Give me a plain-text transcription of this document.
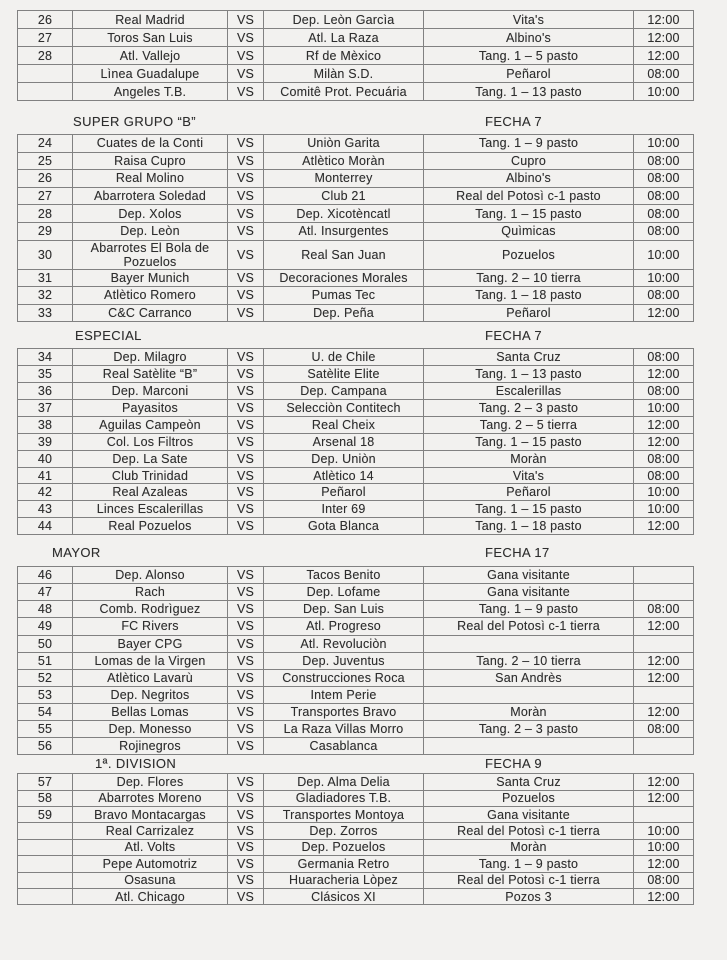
26	Real Madrid	VS	Dep. Leòn Garcìa	Vita's	12:00
27	Toros San Luis	VS	Atl. La Raza	Albino's	12:00
28	Atl. Vallejo	VS	Rf de Mèxico	Tang. 1 – 5 pasto	12:00
	Lìnea Guadalupe	VS	Milàn S.D.	Peñarol	08:00
	Angeles T.B.	VS	Comitê Prot. Pecuária	Tang. 1 – 13 pasto	10:00
SUPER GRUPO “B”	FECHA 7
24	Cuates de la Conti	VS	Uniòn Garita	Tang. 1 – 9 pasto	10:00
25	Raisa Cupro	VS	Atlètico Moràn	Cupro	08:00
26	Real Molino	VS	Monterrey	Albino's	08:00
27	Abarrotera Soledad	VS	Club 21	Real del Potosì c-1 pasto	08:00
28	Dep. Xolos	VS	Dep. Xicotèncatl	Tang. 1 – 15 pasto	08:00
29	Dep. Leòn	VS	Atl. Insurgentes	Quìmicas	08:00
30	Abarrotes El Bola de Pozuelos	VS	Real San Juan	Pozuelos	10:00
31	Bayer Munich	VS	Decoraciones Morales	Tang. 2 – 10 tierra	10:00
32	Atlètico Romero	VS	Pumas Tec	Tang. 1 – 18 pasto	08:00
33	C&C Carranco	VS	Dep. Peña	Peñarol	12:00
ESPECIAL	FECHA 7
34	Dep. Milagro	VS	U. de Chile	Santa Cruz	08:00
35	Real Satèlite “B”	VS	Satèlite Elite	Tang. 1 – 13 pasto	12:00
36	Dep. Marconi	VS	Dep. Campana	Escalerillas	08:00
37	Payasitos	VS	Selecciòn Contitech	Tang. 2 – 3 pasto	10:00
38	Aguilas Campeòn	VS	Real Cheix	Tang. 2 – 5 tierra	12:00
39	Col. Los Filtros	VS	Arsenal 18	Tang. 1 – 15 pasto	12:00
40	Dep. La Sate	VS	Dep. Uniòn	Moràn	08:00
41	Club Trinidad	VS	Atlètico 14	Vita's	08:00
42	Real Azaleas	VS	Peñarol	Peñarol	10:00
43	Linces Escalerillas	VS	Inter 69	Tang. 1 – 15 pasto	10:00
44	Real Pozuelos	VS	Gota Blanca	Tang. 1 – 18 pasto	12:00
MAYOR	FECHA 17
46	Dep. Alonso	VS	Tacos Benito	Gana visitante	
47	Rach	VS	Dep. Lofame	Gana visitante	
48	Comb. Rodrìguez	VS	Dep. San Luis	Tang. 1 – 9 pasto	08:00
49	FC Rivers	VS	Atl. Progreso	Real del Potosì c-1 tierra	12:00
50	Bayer CPG	VS	Atl. Revoluciòn		
51	Lomas de la Virgen	VS	Dep. Juventus	Tang. 2 – 10 tierra	12:00
52	Atlètico Lavarù	VS	Construcciones Roca	San Andrès	12:00
53	Dep. Negritos	VS	Intem Perie		
54	Bellas Lomas	VS	Transportes Bravo	Moràn	12:00
55	Dep. Monesso	VS	La Raza Villas Morro	Tang. 2 – 3 pasto	08:00
56	Rojinegros	VS	Casablanca		
1ª. DIVISION	FECHA 9
57	Dep. Flores	VS	Dep. Alma Delia	Santa Cruz	12:00
58	Abarrotes Moreno	VS	Gladiadores T.B.	Pozuelos	12:00
59	Bravo Montacargas	VS	Transportes Montoya	Gana visitante	
	Real Carrizalez	VS	Dep. Zorros	Real del Potosì c-1 tierra	10:00
	Atl. Volts	VS	Dep. Pozuelos	Moràn	10:00
	Pepe Automotriz	VS	Germania Retro	Tang. 1 – 9 pasto	12:00
	Osasuna	VS	Huaracheria Lòpez	Real del Potosì c-1 tierra	08:00
	Atl. Chicago	VS	Clásicos XI	Pozos 3	12:00
